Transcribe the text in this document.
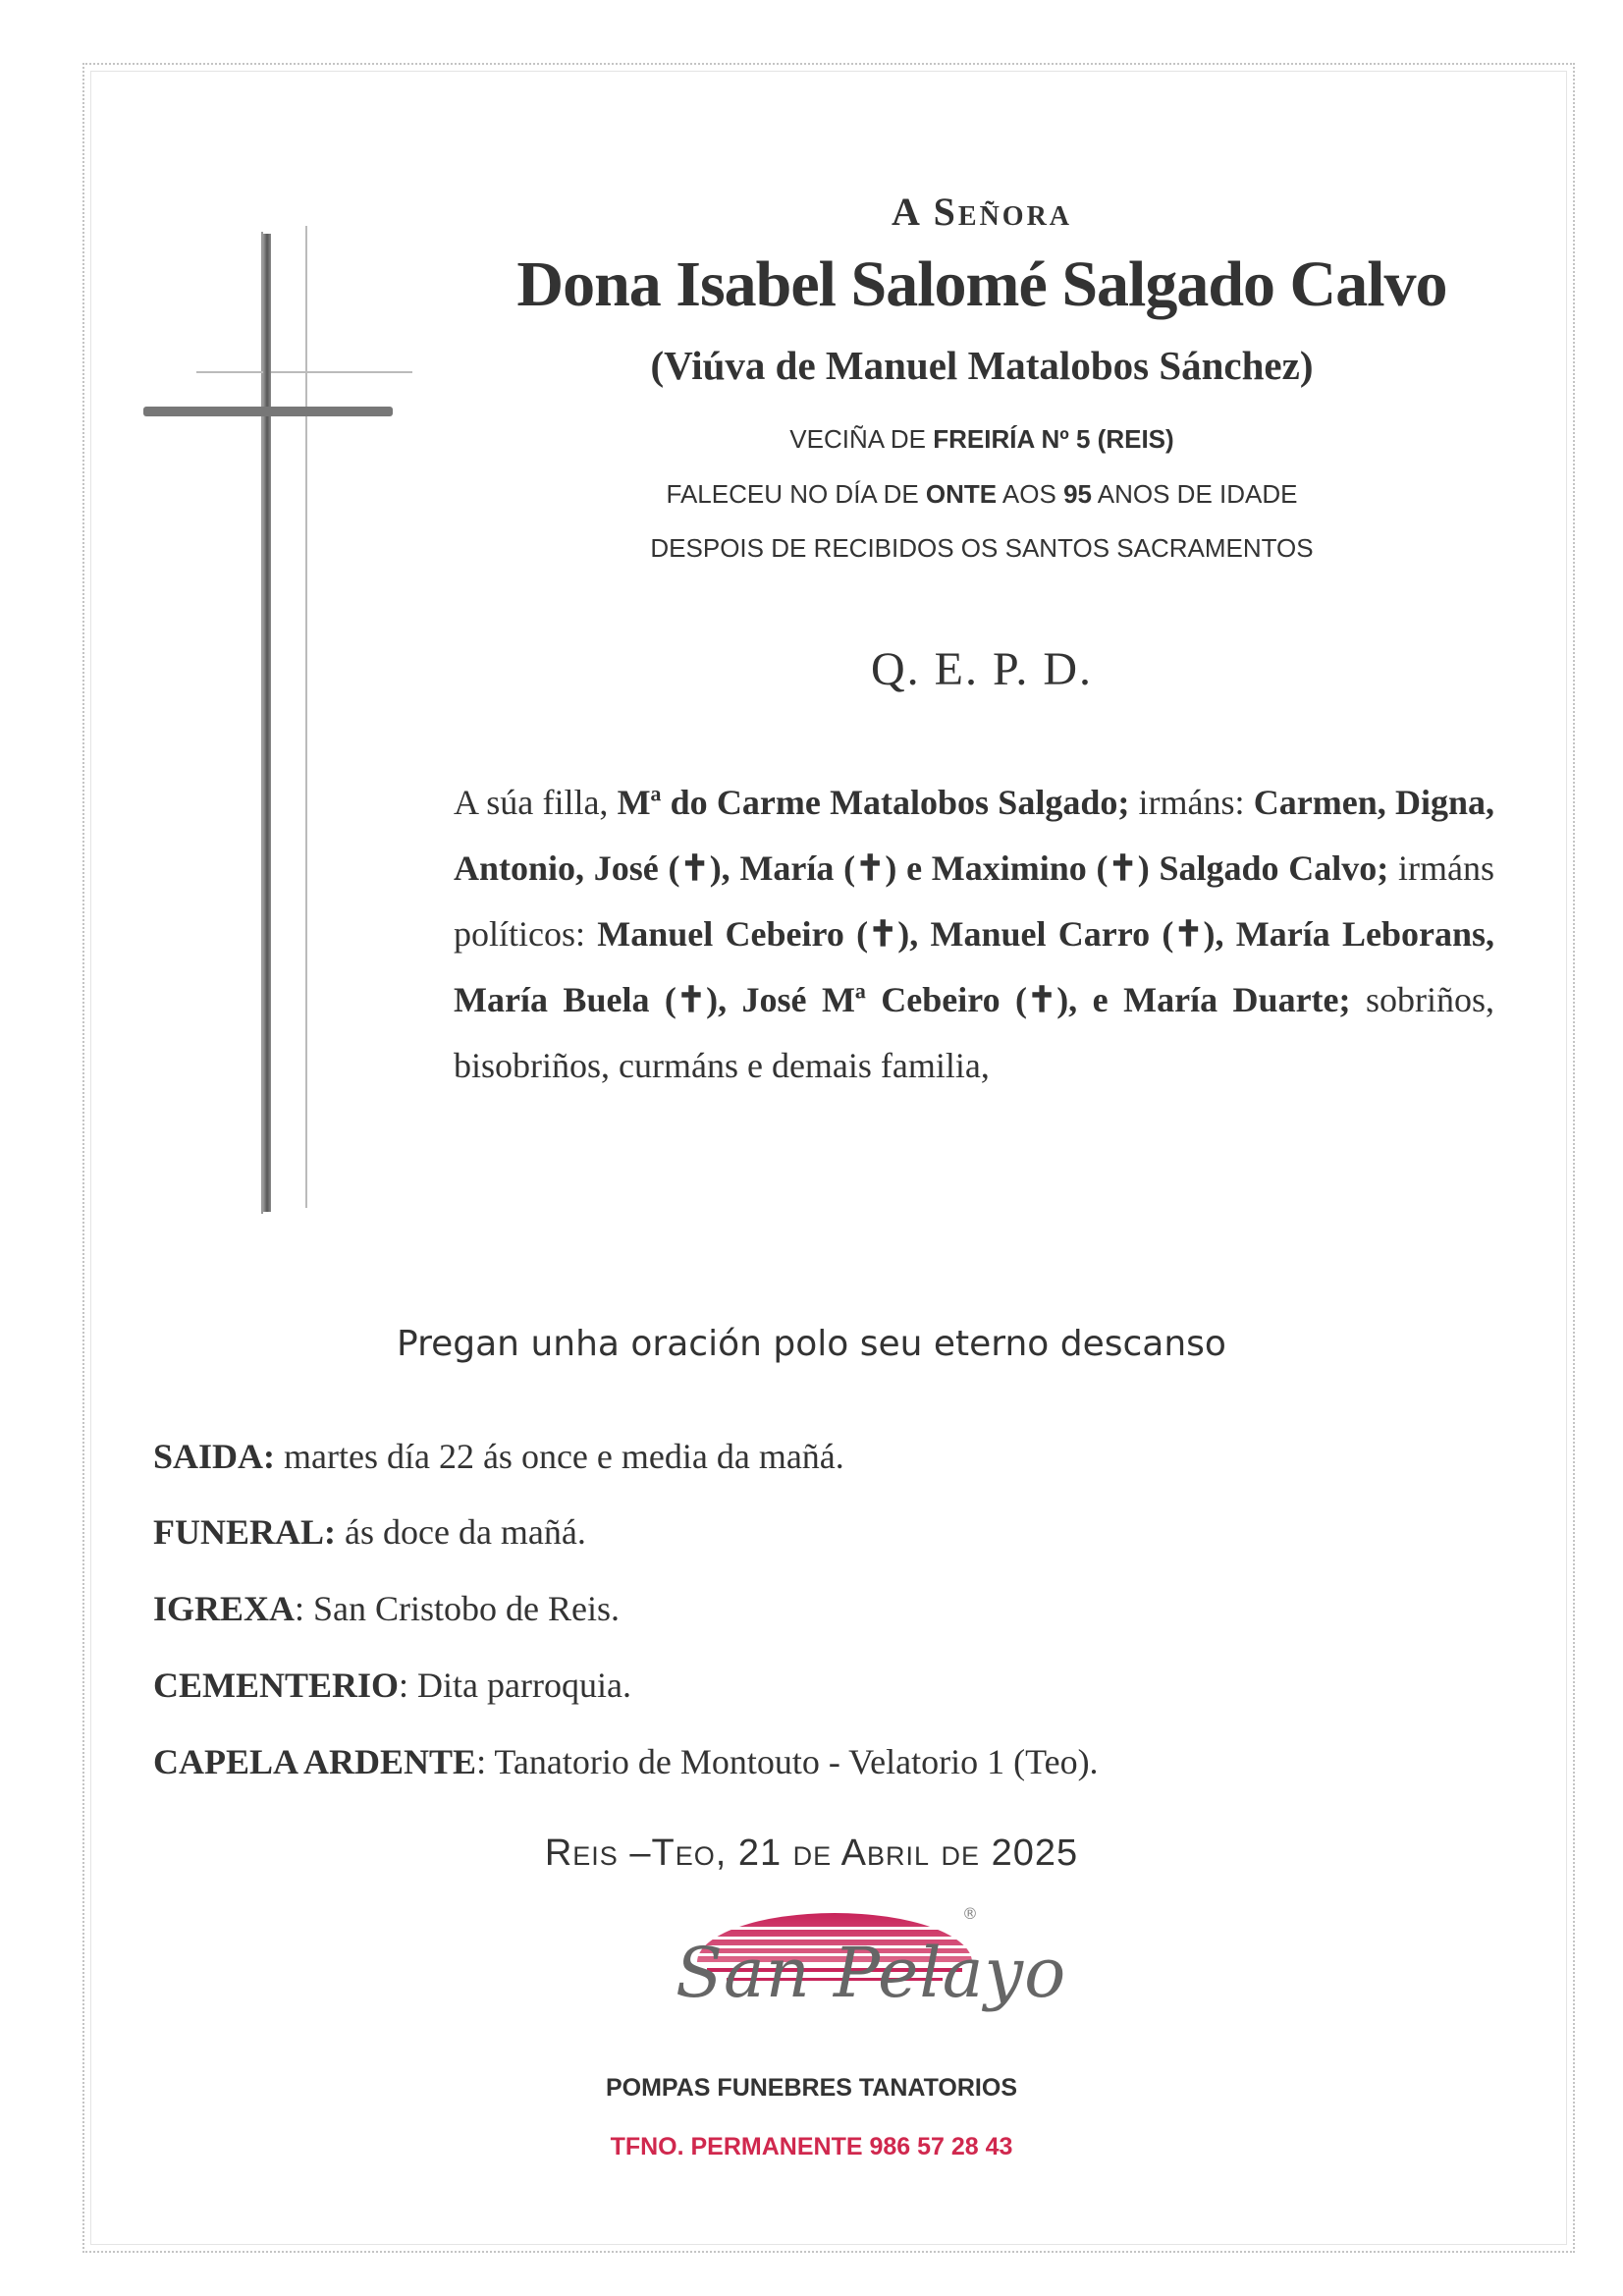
A Señora
Dona Isabel Salomé Salgado Calvo
(Viúva de Manuel Matalobos Sánchez)
VECIÑA DE FREIRÍA Nº 5 (REIS)
FALECEU NO DÍA DE ONTE AOS 95 ANOS DE IDADE
DESPOIS DE RECIBIDOS OS SANTOS SACRAMENTOS
Q. E. P. D.
A súa filla, Mª do Carme Matalobos Salgado; irmáns: Carmen, Digna, Antonio, José (✝), María (✝) e Maximino (✝) Salgado Calvo; irmáns políticos: Manuel Cebeiro (✝), Manuel Carro (✝), María Leborans, María Buela (✝), José Mª Cebeiro (✝), e María Duarte; sobriños, bisobriños, curmáns e demais familia,
Pregan unha oración polo seu eterno descanso
SAIDA: martes día 22 ás once e media da mañá.
FUNERAL: ás doce da mañá.
IGREXA: San Cristobo de Reis.
CEMENTERIO: Dita parroquia.
CAPELA ARDENTE: Tanatorio de Montouto - Velatorio 1 (Teo).
Reis –Teo, 21 de Abril de 2025
®
San Pelayo
POMPAS FUNEBRES TANATORIOS
TFNO. PERMANENTE 986 57 28 43
